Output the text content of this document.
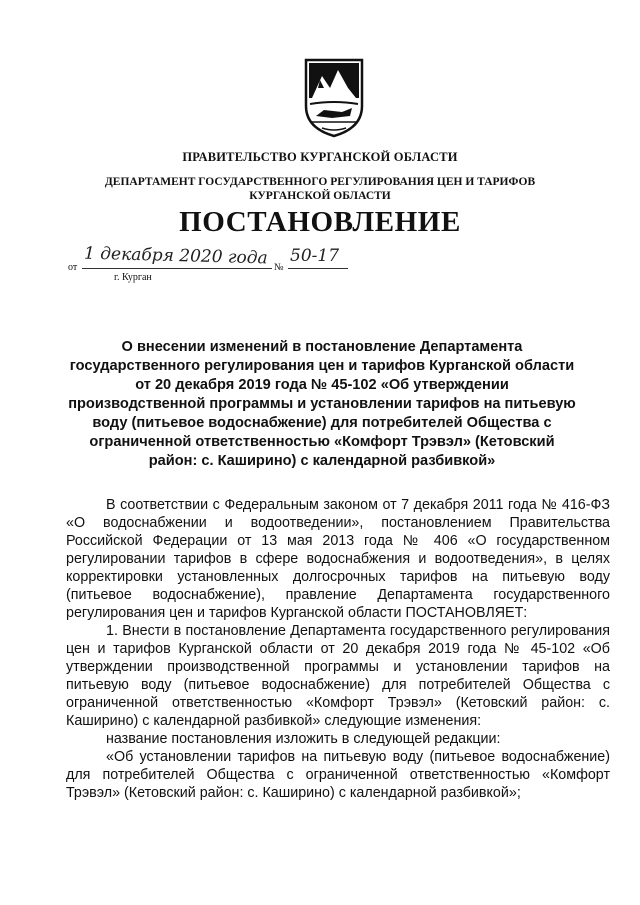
ПРАВИТЕЛЬСТВО КУРГАНСКОЙ ОБЛАСТИ
ДЕПАРТАМЕНТ ГОСУДАРСТВЕННОГО РЕГУЛИРОВАНИЯ ЦЕН И ТАРИФОВ
КУРГАНСКОЙ ОБЛАСТИ
ПОСТАНОВЛЕНИЕ
от 1 декабря 2020 года №
50-17
г. Курган
О внесении изменений в постановление Департамента государственного регулирования цен и тарифов Курганской области от 20 декабря 2019 года № 45-102 «Об утверждении производственной программы и установлении тарифов на питьевую воду (питьевое водоснабжение) для потребителей Общества с ограниченной ответственностью «Комфорт Трэвэл» (Кетовский район: с. Каширино) с календарной разбивкой»

В соответствии с Федеральным законом от 7 декабря 2011 года № 416-ФЗ «О водоснабжении и водоотведении», постановлением Правительства Российской Федерации от 13 мая 2013 года № 406 «О государственном регулировании тарифов в сфере водоснабжения и водоотведения», в целях корректировки установленных долгосрочных тарифов на питьевую воду (питьевое водоснабжение), правление Департамента государственного регулирования цен и тарифов Курганской области ПОСТАНОВЛЯЕТ:

1. Внести в постановление Департамента государственного регулирования цен и тарифов Курганской области от 20 декабря 2019 года № 45-102 «Об утверждении производственной программы и установлении тарифов на питьевую воду (питьевое водоснабжение) для потребителей Общества с ограниченной ответственностью «Комфорт Трэвэл» (Кетовский район: с. Каширино) с календарной разбивкой» следующие изменения:

название постановления изложить в следующей редакции:

«Об установлении тарифов на питьевую воду (питьевое водоснабжение) для потребителей Общества с ограниченной ответственностью «Комфорт Трэвэл» (Кетовский район: с. Каширино) с календарной разбивкой»;
